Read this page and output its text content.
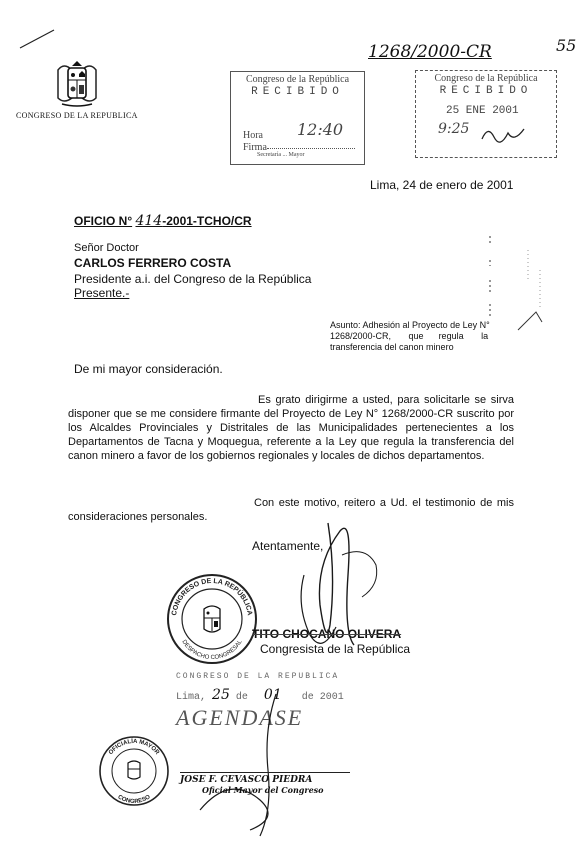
CONGRESO DE LA REPUBLICA
1268/2000-CR	55
Congreso de la República
RECIBIDO
Hora 12:40
Firma
Secretaría ... Mayor
Congreso de la República
RECIBIDO
25 ENE 2001
9:25
Lima, 24 de enero de 2001
OFICIO N° 414-2001-TCHO/CR
Señor Doctor
CARLOS FERRERO COSTA
Presidente a.i. del Congreso de la República
Presente.-
Asunto: Adhesión al Proyecto de Ley N°
1268/2000-CR,       que      regula       la
transferencia del canon minero
De mi mayor consideración.
Es grato dirigirme a usted, para solicitarle se sirva disponer que se me considere firmante del Proyecto de Ley N° 1268/2000-CR suscrito por los Alcaldes Provinciales y Distritales de las Municipalidades pertenecientes a los Departamentos de Tacna y Moquegua, referente a la Ley que regula la transferencia del canon minero a favor de los gobiernos regionales y locales de dichos departamentos.
Con este motivo, reitero a Ud. el testimonio de mis consideraciones personales.
Atentamente,
CONGRESO DE LA REPÚBLICA
DESPACHO CONGRESAL
TITO CHOCANO OLIVERA
Congresista de la República
CONGRESO DE LA REPUBLICA
Lima, 25 de 01 de 2001
AGENDASE
OFICIALÍA MAYOR
CONGRESO
JOSE F. CEVASCO PIEDRA
Oficial Mayor del Congreso
